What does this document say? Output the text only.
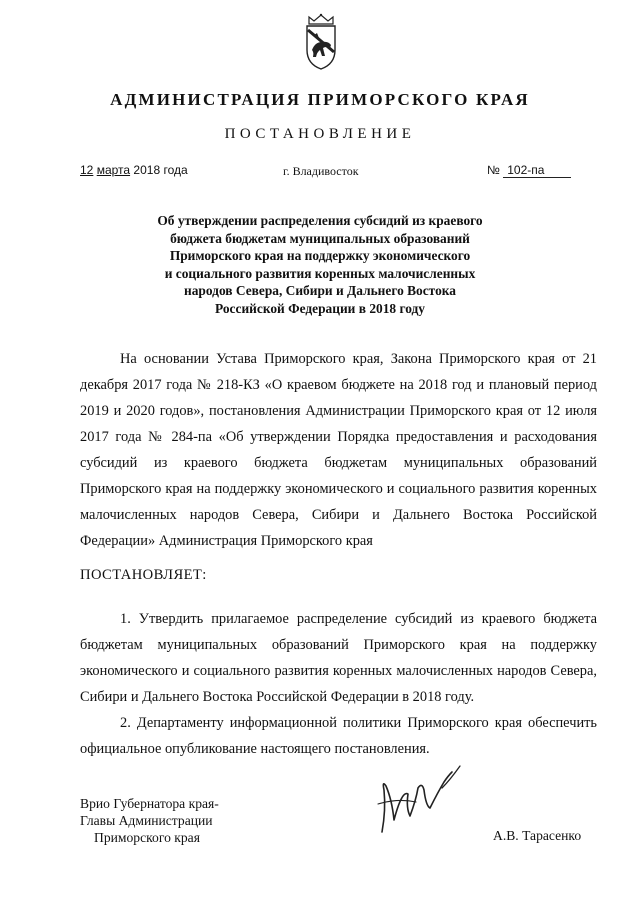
АДМИНИСТРАЦИЯ ПРИМОРСКОГО КРАЯ
ПОСТАНОВЛЕНИЕ
12 марта 2018 года	г. Владивосток	№ 102-па
Об утверждении распределения субсидий из краевого
бюджета бюджетам муниципальных образований
Приморского края на поддержку экономического
и социального развития коренных малочисленных
народов Севера, Сибири и Дальнего Востока
Российской Федерации в 2018 году
На основании Устава Приморского края, Закона Приморского края от 21 декабря 2017 года № 218-КЗ «О краевом бюджете на 2018 год и плановый период 2019 и 2020 годов», постановления Администрации Приморского края от 12 июля 2017 года № 284-па «Об утверждении Порядка предоставления и расходования субсидий из краевого бюджета бюджетам муниципальных образований Приморского края на поддержку экономического и социального развития коренных малочисленных народов Севера, Сибири и Дальнего Востока Российской Федерации» Администрация Приморского края
ПОСТАНОВЛЯЕТ:
1. Утвердить прилагаемое распределение субсидий из краевого бюджета бюджетам муниципальных образований Приморского края на поддержку экономического и социального развития коренных малочисленных народов Севера, Сибири и Дальнего Востока Российской Федерации в 2018 году.
2. Департаменту информационной политики Приморского края обеспечить официальное опубликование настоящего постановления.
Врио Губернатора края-
Главы Администрации
Приморского края	А.В. Тарасенко
